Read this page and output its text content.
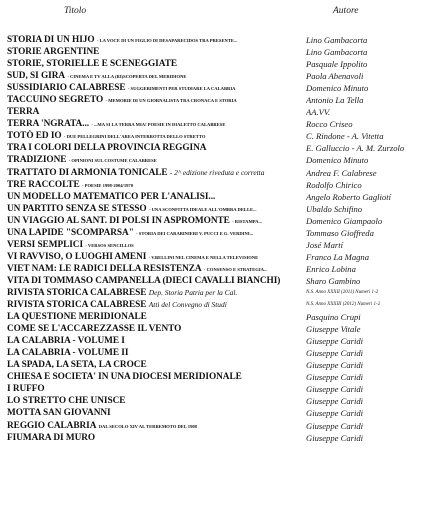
Titolo	Autore
STORIA DI UN HIJO - LA VOCE DI UN FIGLIO DI DESAPARECIDOS TRA PRESENTE...	Lino Gambacorta
STORIE ARGENTINE	Lino Gambacorta
STORIE, STORIELLE E SCENEGGIATE	Pasquale Ippolito
SUD, SI GIRA - CINEMA E TV ALLA (RI)SCOPERTA DEL MERIDIONE	Paola Abenavoli
SUSSIDIARIO CALABRESE - SUGGERIMENTI PER STUDIARE LA CALABRIA	Domenico Minuto
TACCUINO SEGRETO - MEMORIE DI UN GIORNALISTA TRA CRONACA E STORIA	Antonio La Tella
TERRA	AA.VV.
TERRA 'NGRATA... - ...MA SI LA TERRA MIA! POESIE IN DIALETTO CALABRESE	Rocco Criseo
TOTÒ ED IO - DUE PELLEGRINI DELL'AREA INTERROTTA DELLO STRETTO	C. Rindone - A. Vitetta
TRA I COLORI DELLA PROVINCIA REGGINA	E. Galluccio - A. M. Zurzolo
TRADIZIONE - OPINIONI SUL COSTUME CALABRESE	Domenico Minuto
TRATTATO DI ARMONIA TONICALE - 2^ edizione riveduta e corretta	Andrea F. Calabrese
TRE RACCOLTE - POESIE 1998-2004/1970	Rodolfo Chirico
UN MODELLO MATEMATICO PER L'ANALISI...	Angelo Roberto Gagliotí
UN PARTITO SENZA SE STESSO - UNA SCONFITTA IDEALE ALL'OMBRA DELLE...	Ubaldo Schifino
UN VIAGGIO AL SANT. DI POLSI IN ASPROMONTE - RISTAMPA...	Domenico Giampaolo
UNA LAPIDE "SCOMPARSA" - STORIA DEI CARABINIERI V. PUCCI E G. VERDINI...	Tommaso Gioffreda
VERSI SEMPLICI - VERSOS SENCILLOS	José Martí
VI RAVVISO, O LUOGHI AMENI - V.BELLINI NEL CINEMA E NELLA TELEVISIONE	Franco La Magna
VIET NAM: LE RADICI DELLA RESISTENZA - CONSENSO E STRATEGIA...	Enrico Lobina
VITA DI TOMMASO CAMPANELLA (DIECI CAVALLI BIANCHI)	Sharo Gambino
RIVISTA STORICA CALABRESE Dep. Storia Patria per la Cal.	N.S. Anno XXXII (2011) Numeri 1-2
RIVISTA STORICA CALABRESE Atti del Convegno di Studi	N.S. Anno XXXIII (2012) Numeri 1-2
LA QUESTIONE MERIDIONALE	Pasquino Crupi
COME SE L'ACCAREZZASSE IL VENTO	Giuseppe Vitale
LA CALABRIA - VOLUME I	Giuseppe Caridi
LA CALABRIA - VOLUME II	Giuseppe Caridi
LA SPADA, LA SETA, LA CROCE	Giuseppe Caridi
CHIESA E SOCIETA' IN UNA DIOCESI MERIDIONALE	Giuseppe Caridi
I RUFFO	Giuseppe Caridi
LO STRETTO CHE UNISCE	Giuseppe Caridi
MOTTA SAN GIOVANNI	Giuseppe Caridi
REGGIO CALABRIA DAL SECOLO XIV AL TERREMOTO DEL 1908	Giuseppe Caridi
FIUMARA DI MURO	Giuseppe Caridi
